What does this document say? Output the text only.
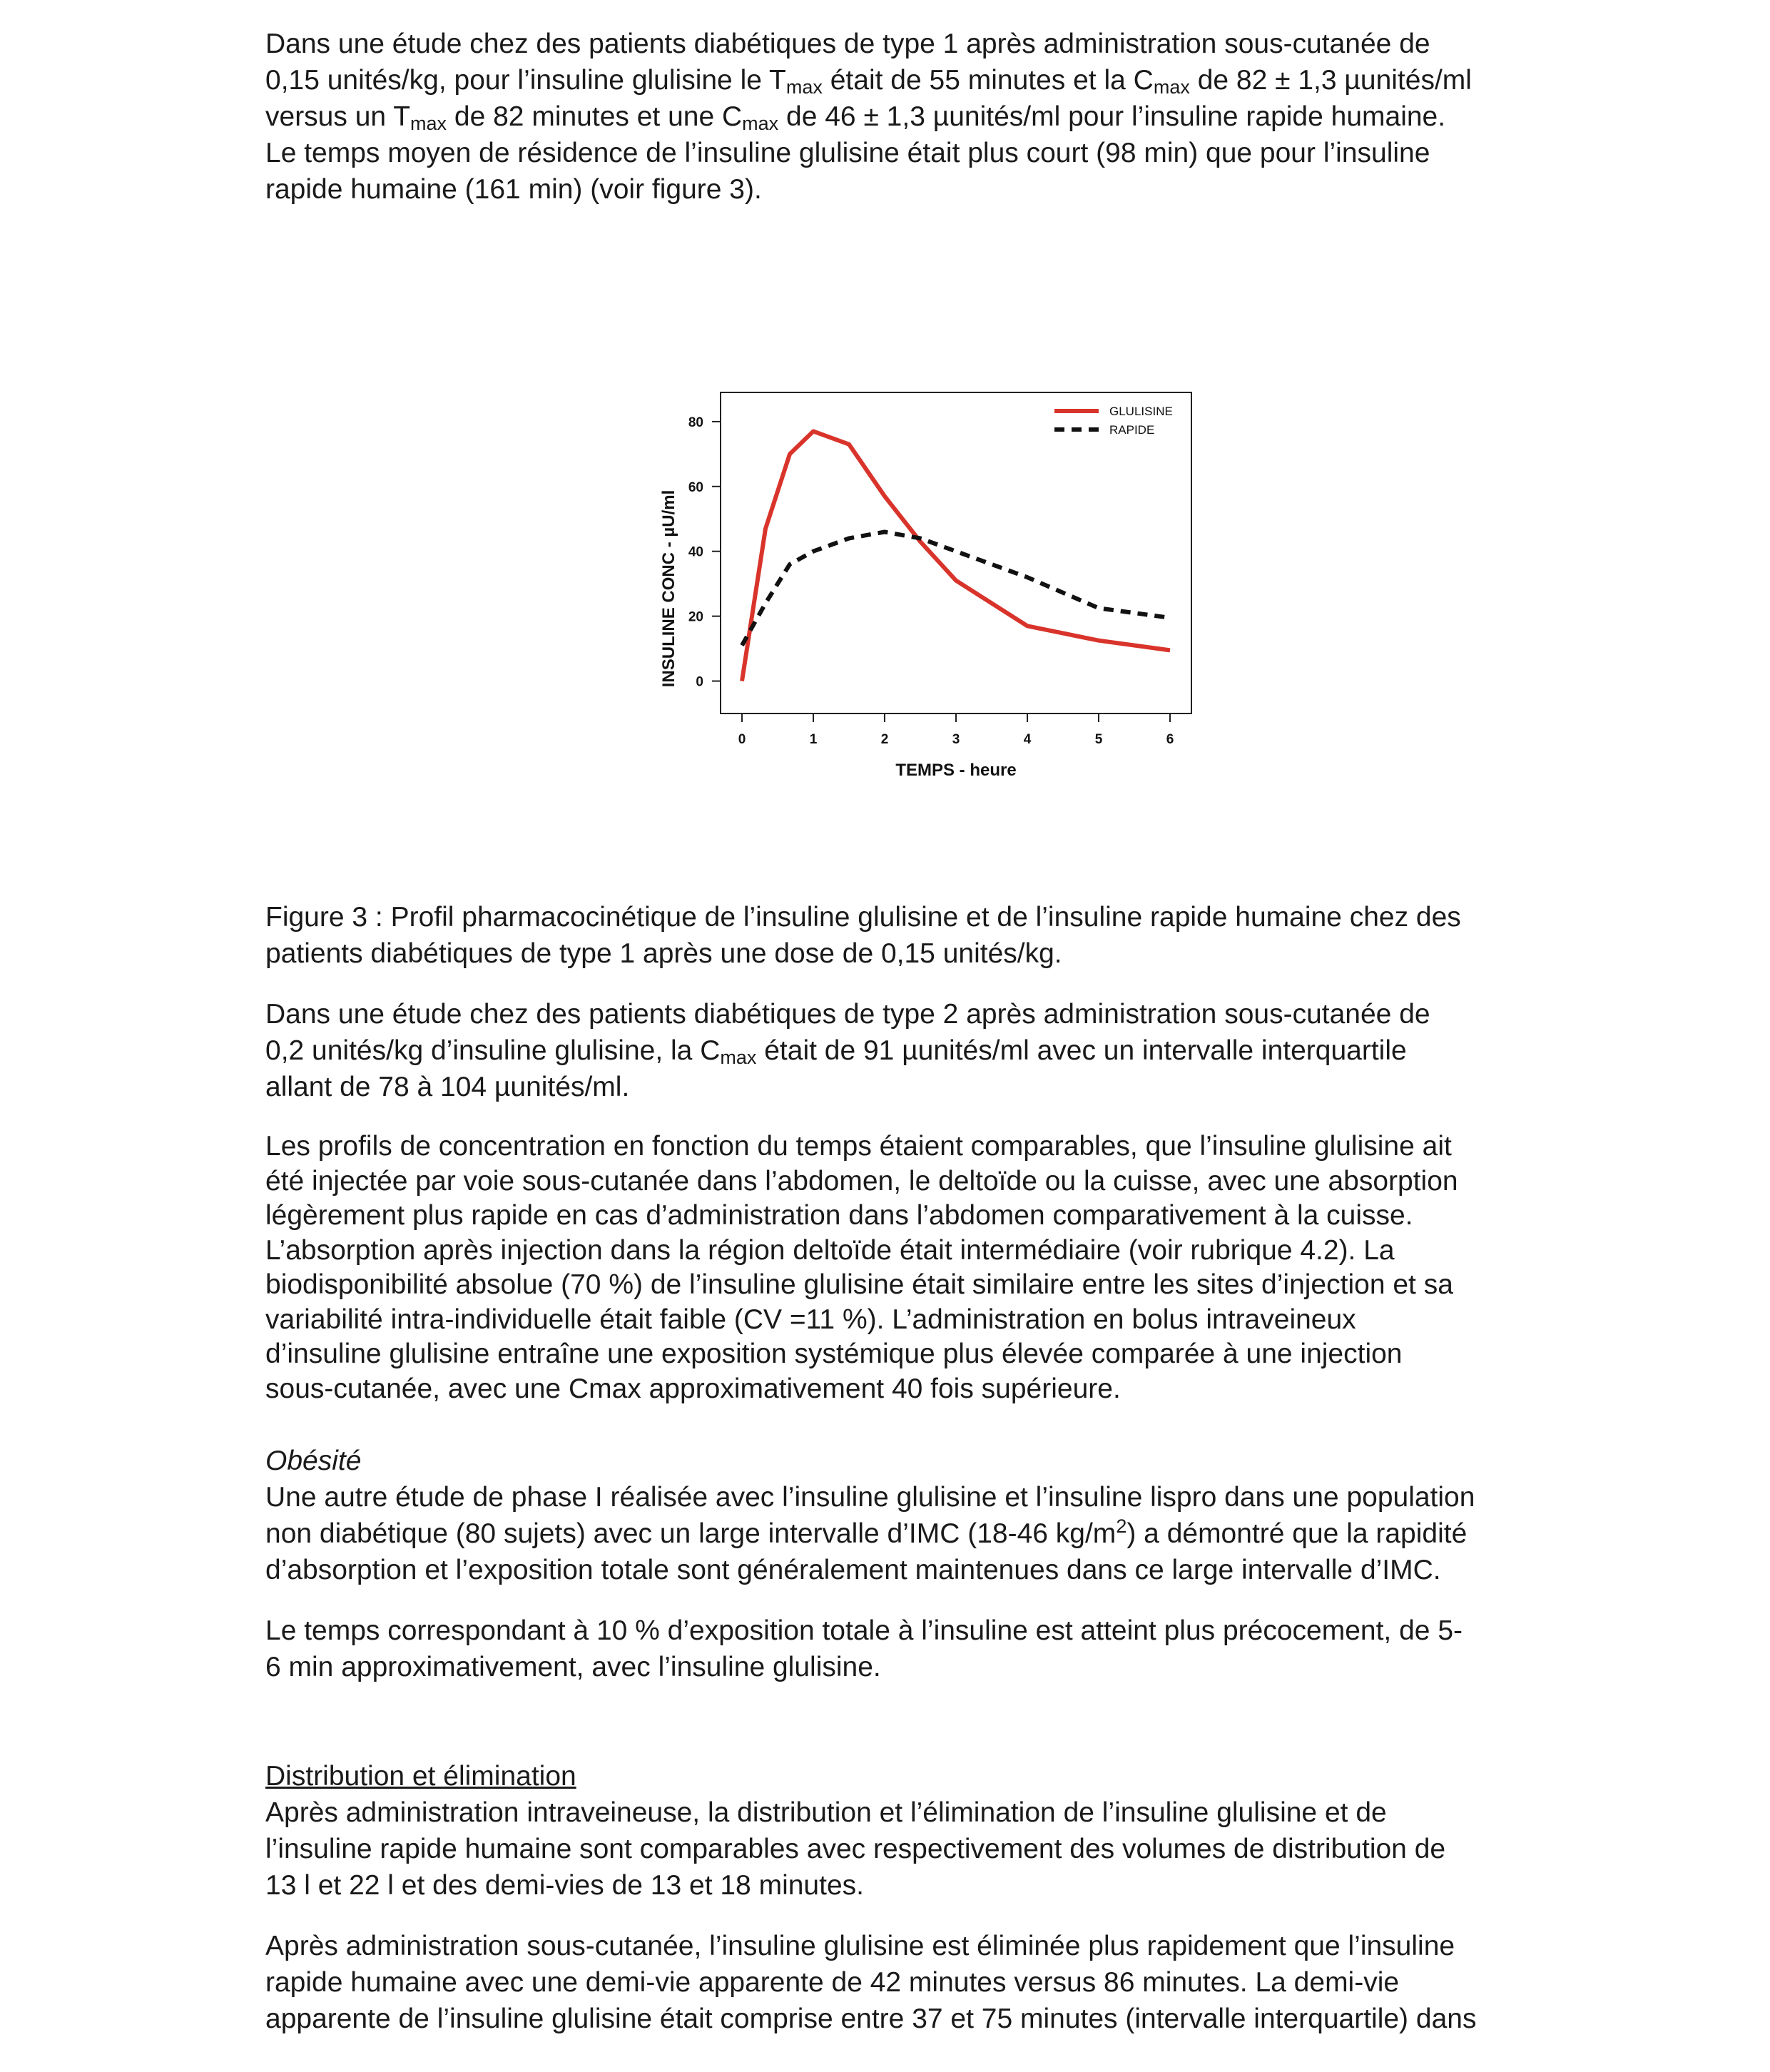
Dans une étude chez des patients diabétiques de type 1 après administration sous-cutanée de

0,15 unités/kg, pour l’insuline glulisine le $T_{max}$ était de 55 minutes et la $C_{max}$ de 82 ± 1,3 µunités/ml

versus un $T_{max}$ de 82 minutes et une $C_{max}$ de 46 ± 1,3 µunités/ml pour l’insuline rapide humaine.

Le temps moyen de résidence de l’insuline glulisine était plus court (98 min) que pour l’insuline

rapide humaine (161 min) (voir figure 3).

0
20
40
60
80
0	1	2	3	4	5	6
TEMPS - heure
INSULINE CONC - µU/ml
GLULISINE
RAPIDE

Figure 3 : Profil pharmacocinétique de l’insuline glulisine et de l’insuline rapide humaine chez des

patients diabétiques de type 1 après une dose de 0,15 unités/kg.

Dans une étude chez des patients diabétiques de type 2 après administration sous-cutanée de

0,2 unités/kg d’insuline glulisine, la $C_{max}$ était de 91 µunités/ml avec un intervalle interquartile

allant de 78 à 104 µunités/ml.

Les profils de concentration en fonction du temps étaient comparables, que l’insuline glulisine ait

été injectée par voie sous-cutanée dans l’abdomen, le deltoïde ou la cuisse, avec une absorption

légèrement plus rapide en cas d’administration dans l’abdomen comparativement à la cuisse.

L’absorption après injection dans la région deltoïde était intermédiaire (voir rubrique 4.2). La

biodisponibilité absolue (70 %) de l’insuline glulisine était similaire entre les sites d’injection et sa

variabilité intra-individuelle était faible (CV =11 %). L’administration en bolus intraveineux

d’insuline glulisine entraîne une exposition systémique plus élevée comparée à une injection

sous-cutanée, avec une Cmax approximativement 40 fois supérieure.

Obésité

Une autre étude de phase I réalisée avec l’insuline glulisine et l’insuline lispro dans une population

non diabétique (80 sujets) avec un large intervalle d’IMC (18-46 $kg/m^2$) a démontré que la rapidité

d’absorption et l’exposition totale sont généralement maintenues dans ce large intervalle d’IMC.

Le temps correspondant à 10 % d’exposition totale à l’insuline est atteint plus précocement, de 5-

6 min approximativement, avec l’insuline glulisine.

Distribution et élimination

Après administration intraveineuse, la distribution et l’élimination de l’insuline glulisine et de

l’insuline rapide humaine sont comparables avec respectivement des volumes de distribution de

13 l et 22 l et des demi-vies de 13 et 18 minutes.

Après administration sous-cutanée, l’insuline glulisine est éliminée plus rapidement que l’insuline

rapide humaine avec une demi-vie apparente de 42 minutes versus 86 minutes. La demi-vie

apparente de l’insuline glulisine était comprise entre 37 et 75 minutes (intervalle interquartile) dans
